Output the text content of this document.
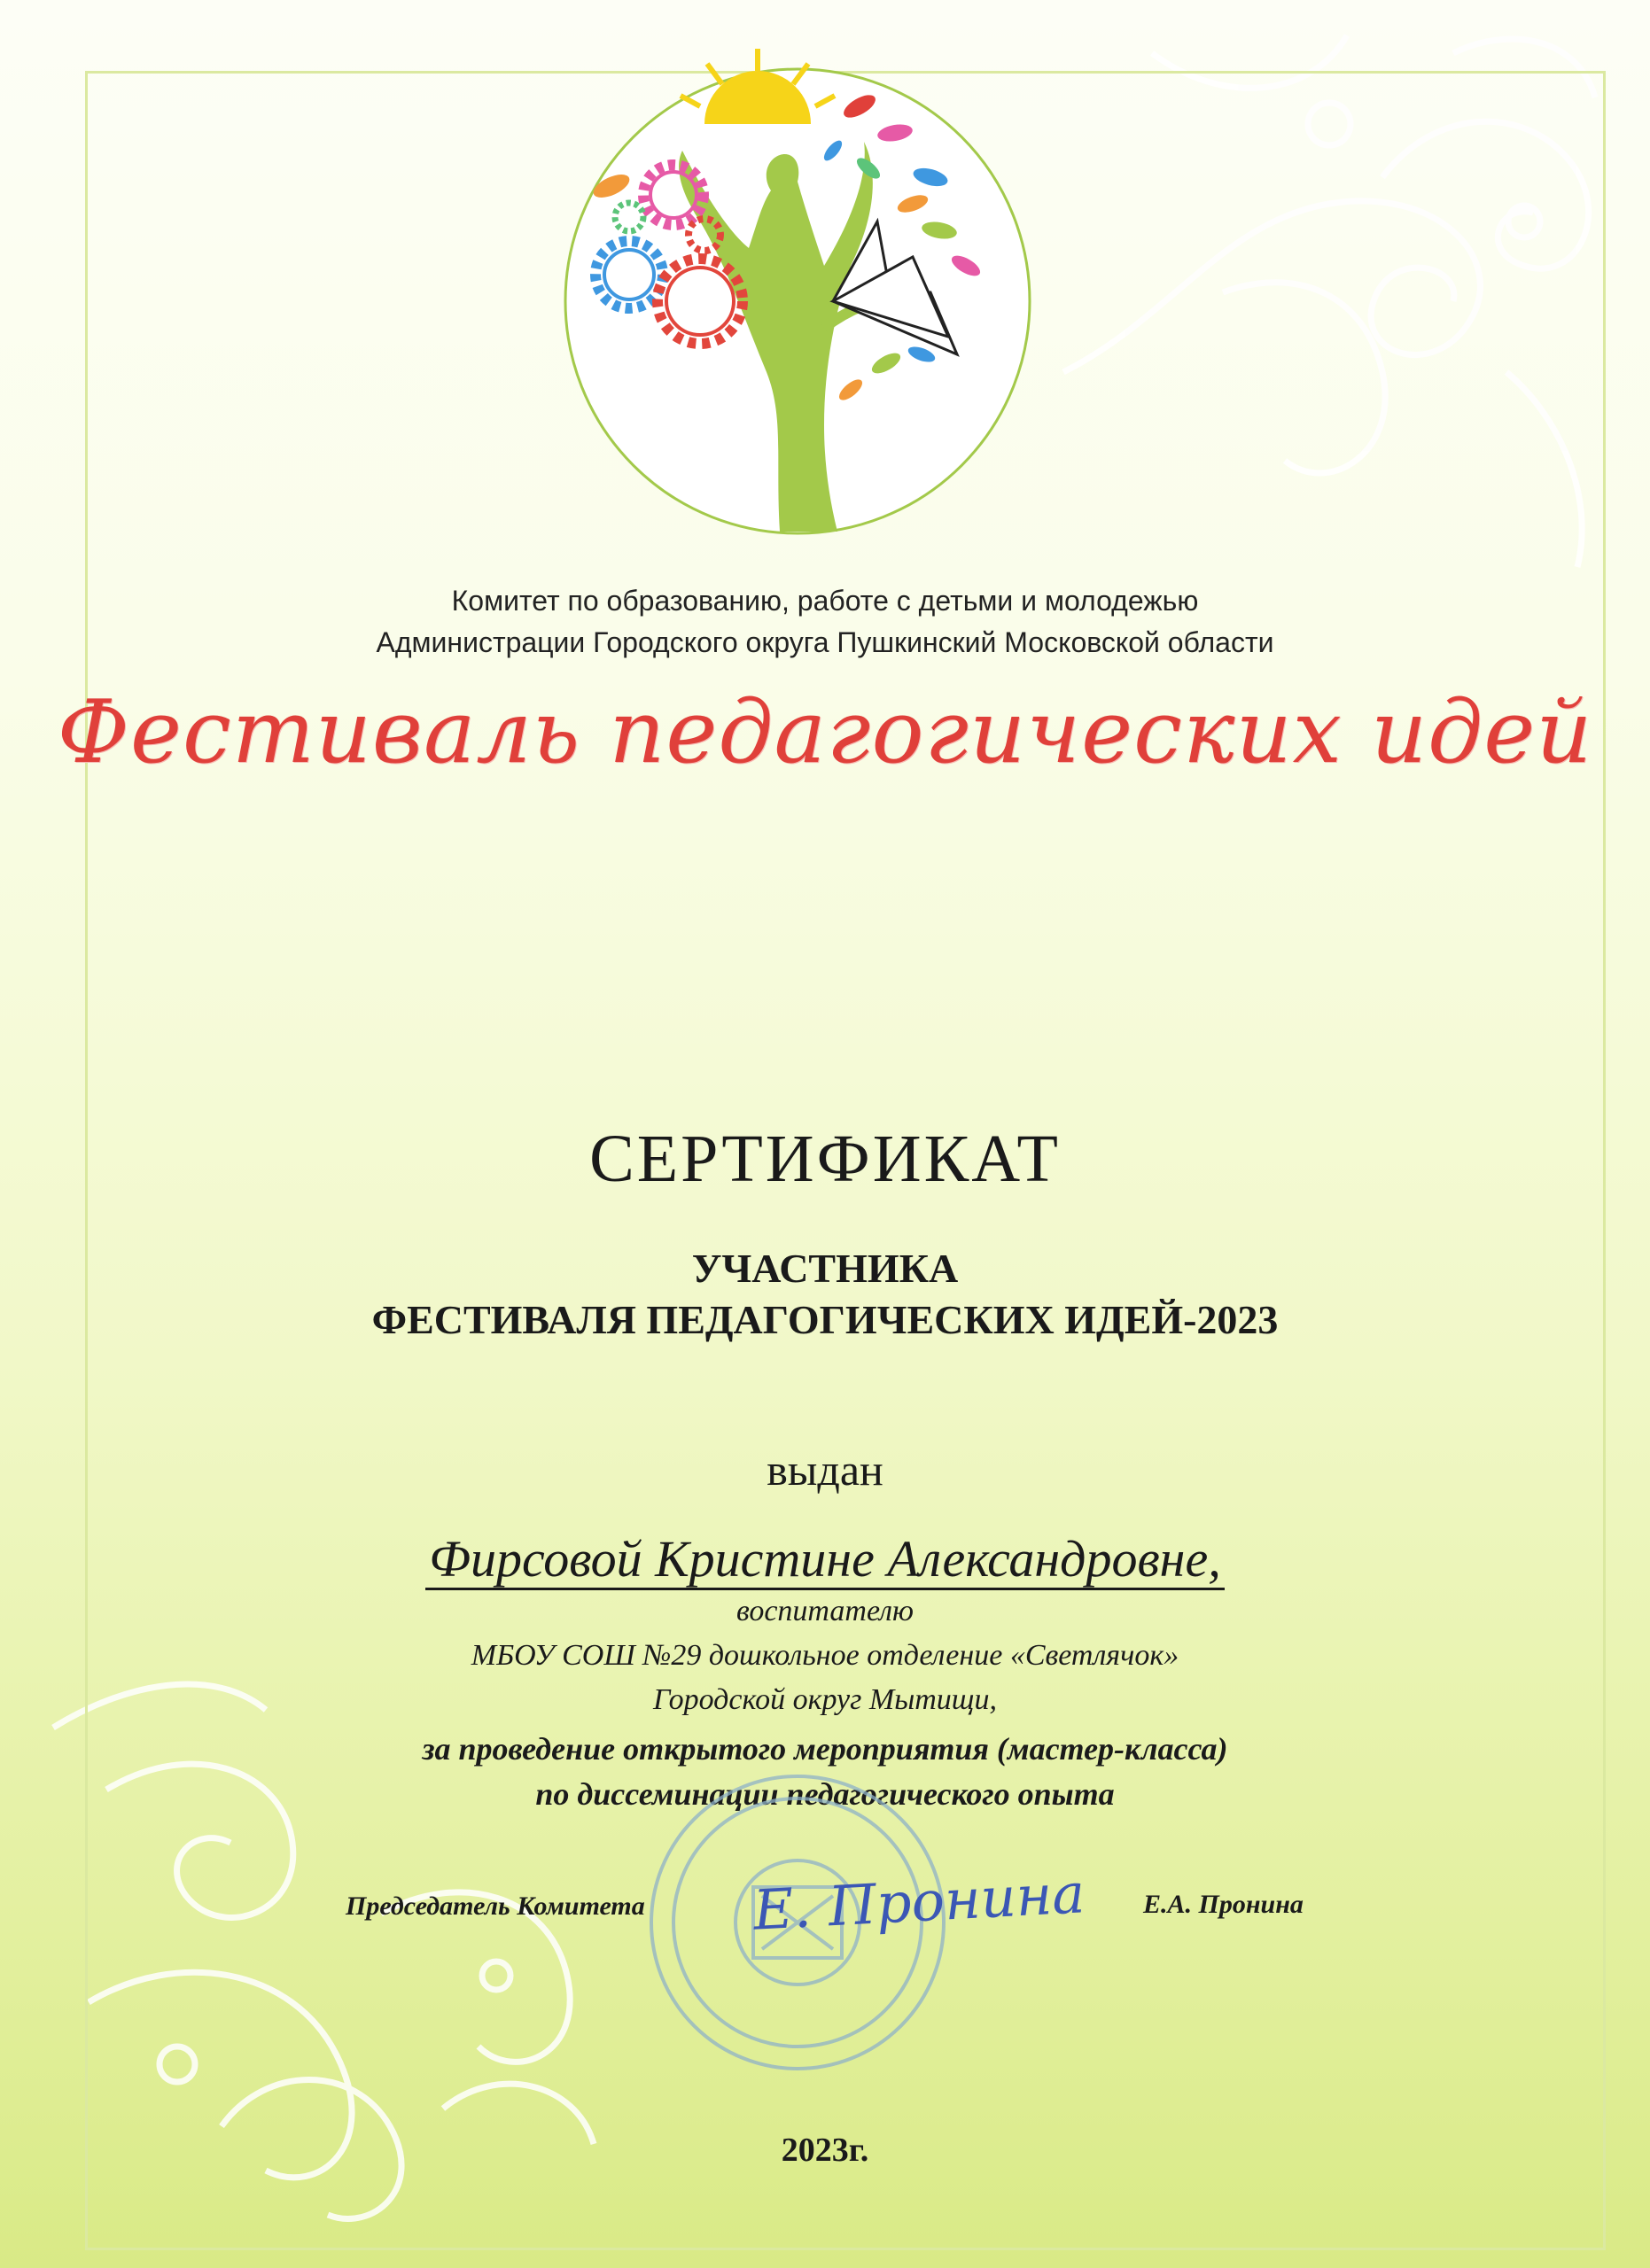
Комитет по образованию, работе с детьми и молодежью

Администрации Городского округа Пушкинский Московской области

Фестиваль педагогических идей

СЕРТИФИКАТ

УЧАСТНИКА

ФЕСТИВАЛЯ ПЕДАГОГИЧЕСКИХ ИДЕЙ-2023

выдан

Фирсовой Кристине Александровне,

воспитателю

МБОУ СОШ №29 дошкольное отделение «Светлячок»

Городской округ Мытищи,

за проведение открытого мероприятия (мастер-класса)

по диссеминации педагогического опыта

Председатель Комитета Е. Пронина Е.А. Пронина

2023г.
